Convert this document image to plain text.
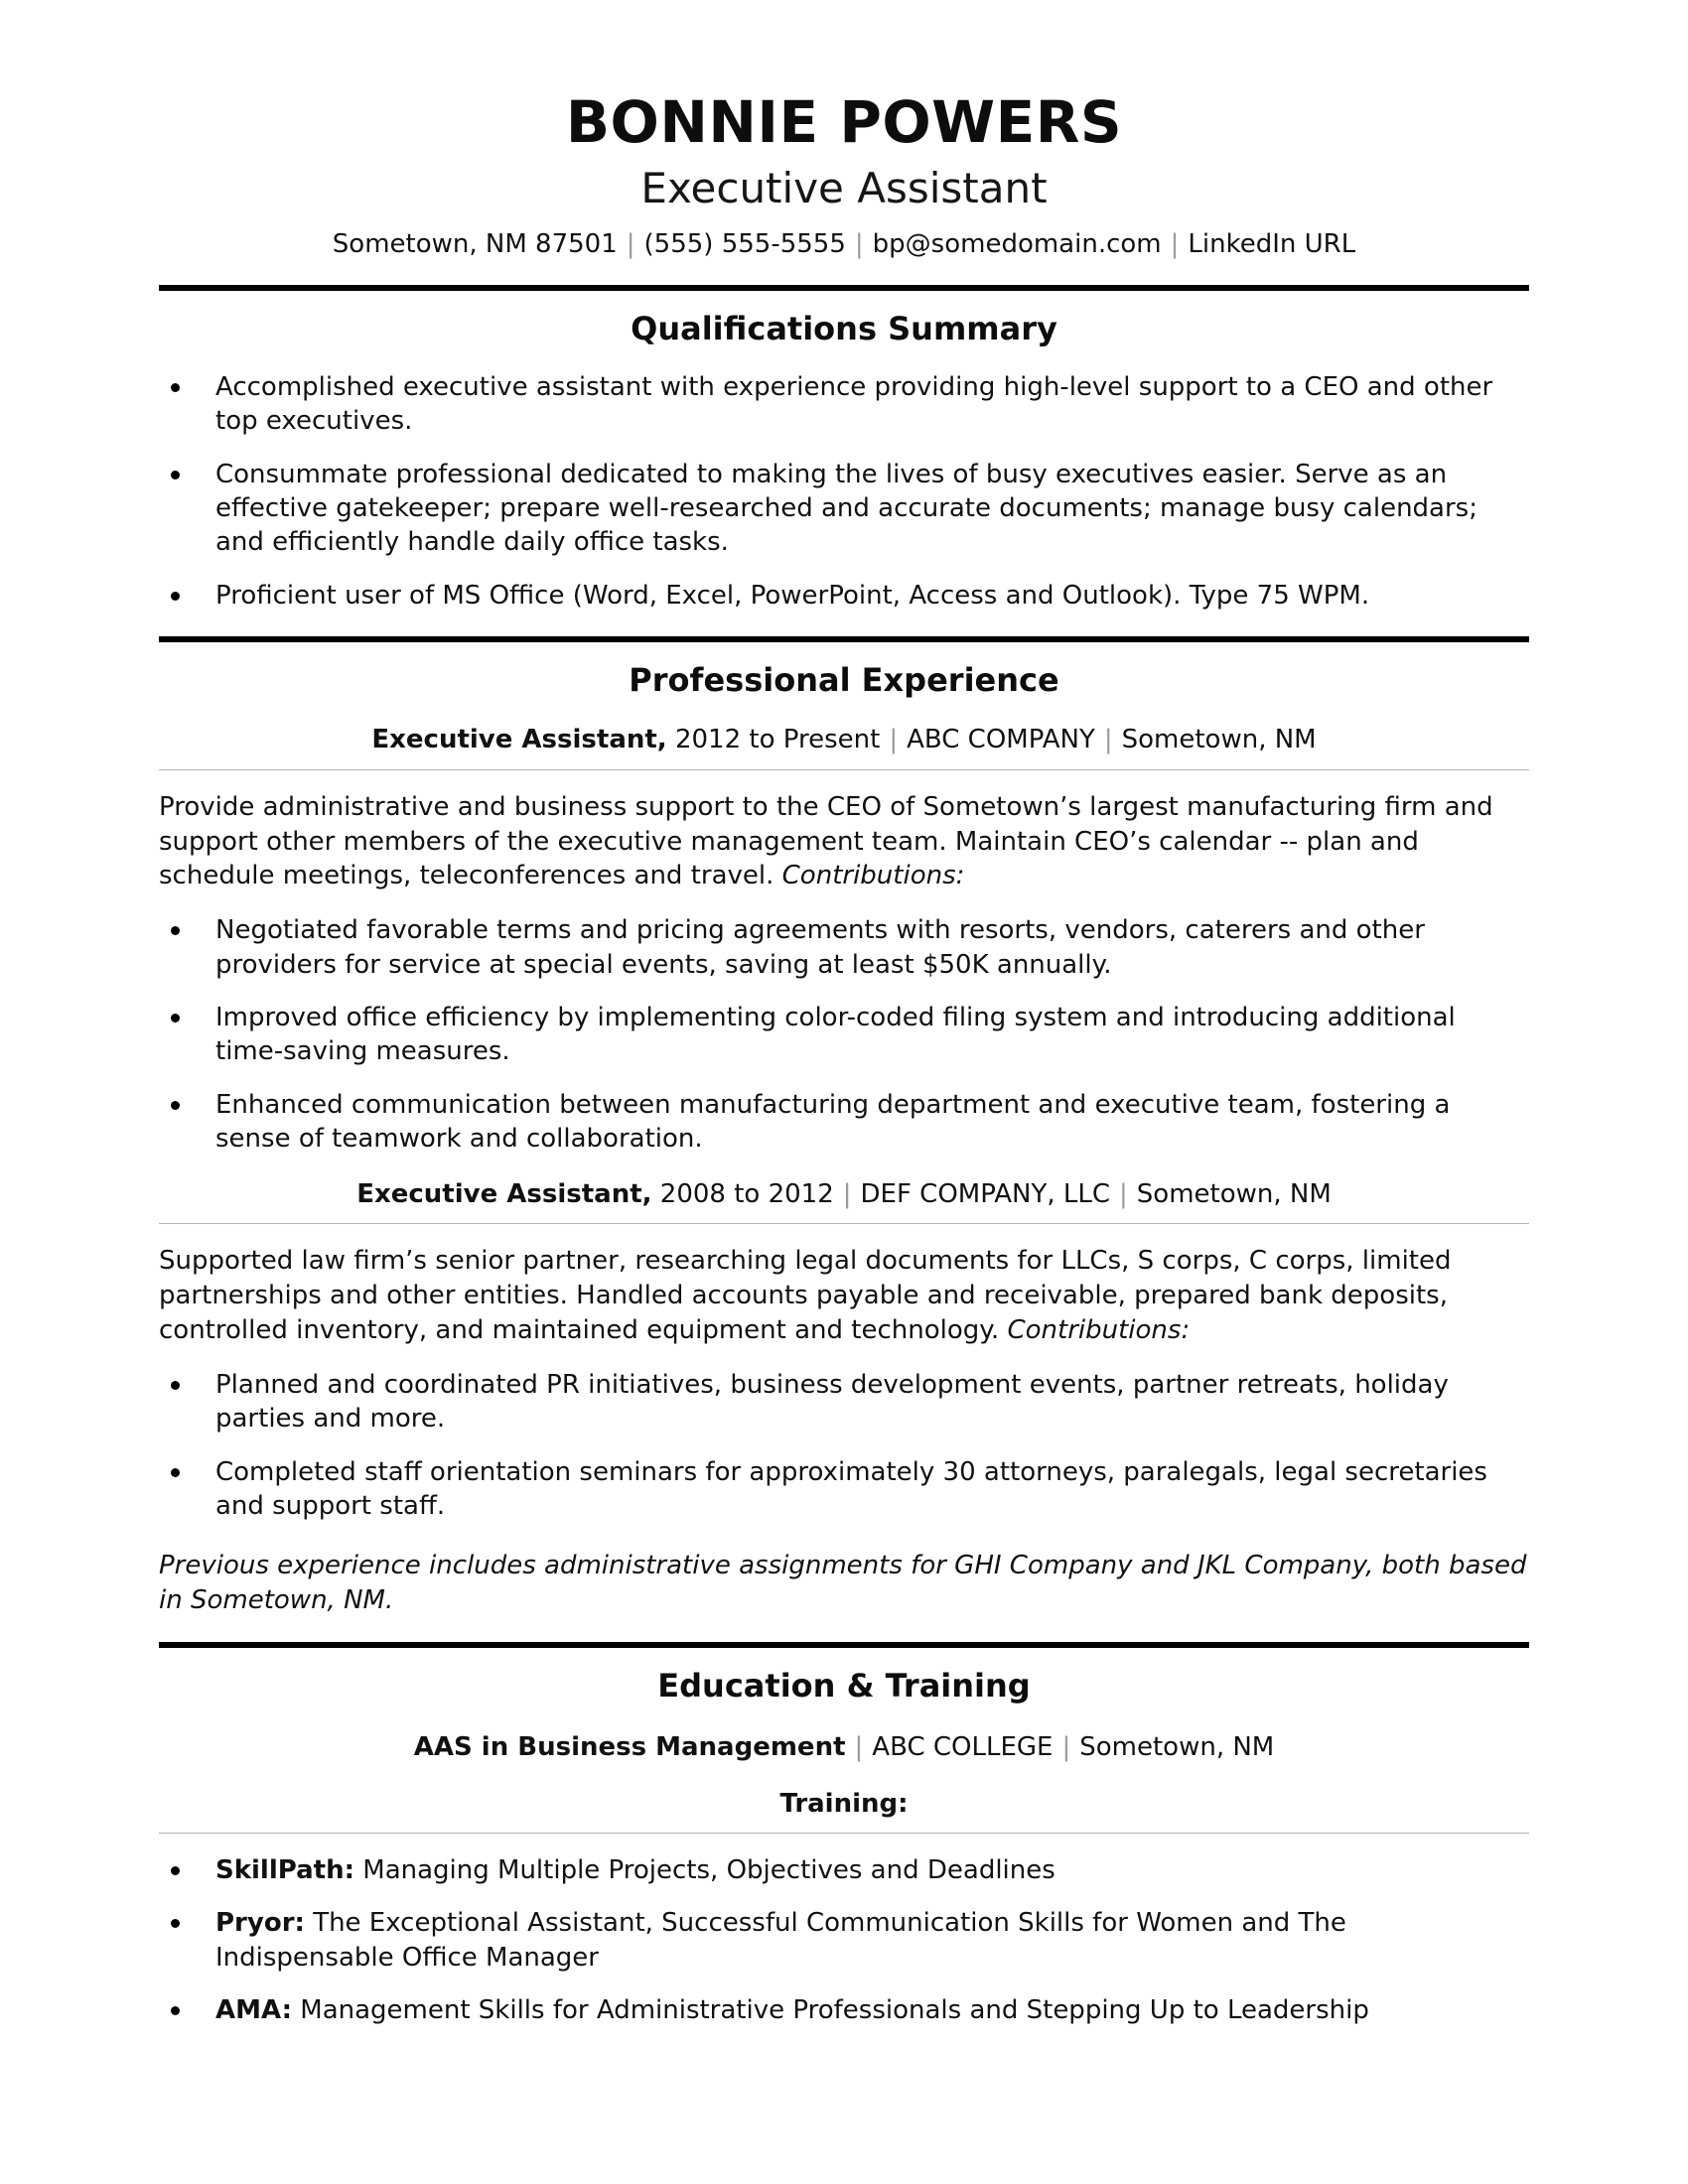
BONNIE POWERS
Executive Assistant
Sometown, NM 87501 | (555) 555-5555 | bp@somedomain.com | LinkedIn URL
Qualifications Summary
Accomplished executive assistant with experience providing high-level support to a CEO and other top executives.
Consummate professional dedicated to making the lives of busy executives easier. Serve as an effective gatekeeper; prepare well-researched and accurate documents; manage busy calendars; and efficiently handle daily office tasks.
Proficient user of MS Office (Word, Excel, PowerPoint, Access and Outlook). Type 75 WPM.
Professional Experience
Executive Assistant, 2012 to Present | ABC COMPANY | Sometown, NM

Provide administrative and business support to the CEO of Sometown’s largest manufacturing firm and support other members of the executive management team. Maintain CEO’s calendar -- plan and schedule meetings, teleconferences and travel. Contributions:

Negotiated favorable terms and pricing agreements with resorts, vendors, caterers and other providers for service at special events, saving at least $50K annually.
Improved office efficiency by implementing color-coded filing system and introducing additional time-saving measures.
Enhanced communication between manufacturing department and executive team, fostering a sense of teamwork and collaboration.
Executive Assistant, 2008 to 2012 | DEF COMPANY, LLC | Sometown, NM

Supported law firm’s senior partner, researching legal documents for LLCs, S corps, C corps, limited partnerships and other entities. Handled accounts payable and receivable, prepared bank deposits, controlled inventory, and maintained equipment and technology. Contributions:

Planned and coordinated PR initiatives, business development events, partner retreats, holiday parties and more.
Completed staff orientation seminars for approximately 30 attorneys, paralegals, legal secretaries and support staff.

Previous experience includes administrative assignments for GHI Company and JKL Company, both based in Sometown, NM.

Education & Training
AAS in Business Management | ABC COLLEGE | Sometown, NM
Training:
SkillPath: Managing Multiple Projects, Objectives and Deadlines
Pryor: The Exceptional Assistant, Successful Communication Skills for Women and The Indispensable Office Manager
AMA: Management Skills for Administrative Professionals and Stepping Up to Leadership
